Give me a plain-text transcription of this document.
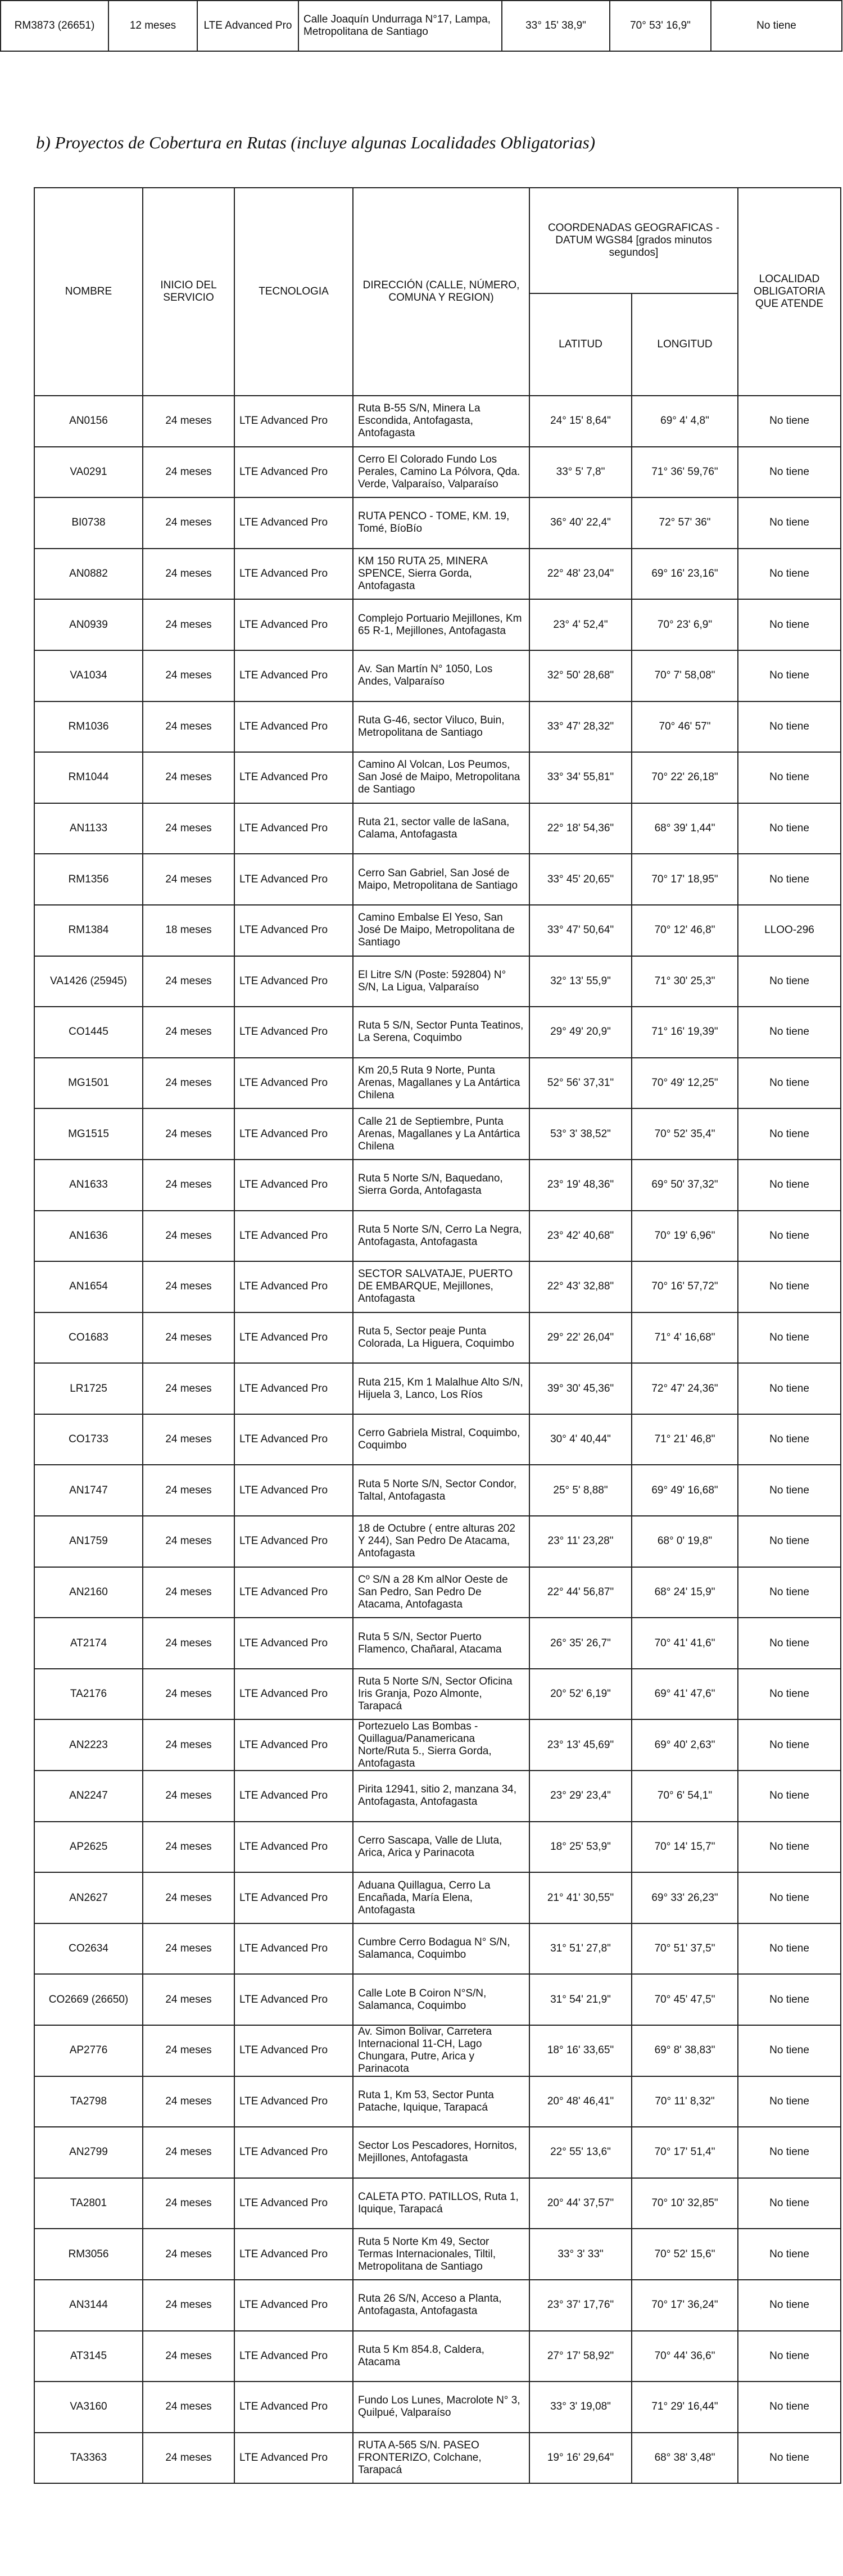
RM3873 (26651)	12 meses	LTE Advanced Pro	Calle Joaquín Undurraga N°17, Lampa, Metropolitana de Santiago	33° 15' 38,9"	70° 53' 16,9"	No tiene
b) Proyectos de Cobertura en Rutas (incluye algunas Localidades Obligatorias)
NOMBRE	INICIO DEL SERVICIO	TECNOLOGIA	DIRECCIÓN (CALLE, NÚMERO, COMUNA Y REGION)	COORDENADAS GEOGRAFICAS - DATUM WGS84 [grados minutos segundos]		LOCALIDAD OBLIGATORIA QUE ATENDE
				LATITUD	LONGITUD	
AN0156	24 meses	LTE Advanced Pro	Ruta B-55 S/N, Minera La Escondida, Antofagasta, Antofagasta	24° 15' 8,64"	69° 4' 4,8"	No tiene
VA0291	24 meses	LTE Advanced Pro	Cerro El Colorado Fundo Los Perales, Camino La Pólvora, Qda. Verde, Valparaíso, Valparaíso	33° 5' 7,8"	71° 36' 59,76"	No tiene
BI0738	24 meses	LTE Advanced Pro	RUTA PENCO - TOME, KM. 19, Tomé, BíoBío	36° 40' 22,4"	72° 57' 36"	No tiene
AN0882	24 meses	LTE Advanced Pro	KM 150 RUTA 25, MINERA SPENCE, Sierra Gorda, Antofagasta	22° 48' 23,04"	69° 16' 23,16"	No tiene
AN0939	24 meses	LTE Advanced Pro	Complejo Portuario Mejillones, Km 65 R-1, Mejillones, Antofagasta	23° 4' 52,4"	70° 23' 6,9"	No tiene
VA1034	24 meses	LTE Advanced Pro	Av. San Martín N° 1050, Los Andes, Valparaíso	32° 50' 28,68"	70° 7' 58,08"	No tiene
RM1036	24 meses	LTE Advanced Pro	Ruta G-46, sector Viluco, Buin, Metropolitana de Santiago	33° 47' 28,32"	70° 46' 57"	No tiene
RM1044	24 meses	LTE Advanced Pro	Camino Al Volcan, Los Peumos, San José de Maipo, Metropolitana de Santiago	33° 34' 55,81"	70° 22' 26,18"	No tiene
AN1133	24 meses	LTE Advanced Pro	Ruta 21, sector valle de laSana, Calama, Antofagasta	22° 18' 54,36"	68° 39' 1,44"	No tiene
RM1356	24 meses	LTE Advanced Pro	Cerro San Gabriel, San José de Maipo, Metropolitana de Santiago	33° 45' 20,65"	70° 17' 18,95"	No tiene
RM1384	18 meses	LTE Advanced Pro	Camino Embalse El Yeso, San José De Maipo, Metropolitana de Santiago	33° 47' 50,64"	70° 12' 46,8"	LLOO-296
VA1426 (25945)	24 meses	LTE Advanced Pro	El Litre S/N (Poste: 592804) N° S/N, La Ligua, Valparaíso	32° 13' 55,9"	71° 30' 25,3"	No tiene
CO1445	24 meses	LTE Advanced Pro	Ruta 5 S/N, Sector Punta Teatinos, La Serena, Coquimbo	29° 49' 20,9"	71° 16' 19,39"	No tiene
MG1501	24 meses	LTE Advanced Pro	Km 20,5 Ruta 9 Norte, Punta Arenas, Magallanes y La Antártica Chilena	52° 56' 37,31"	70° 49' 12,25"	No tiene
MG1515	24 meses	LTE Advanced Pro	Calle 21 de Septiembre, Punta Arenas, Magallanes y La Antártica Chilena	53° 3' 38,52"	70° 52' 35,4"	No tiene
AN1633	24 meses	LTE Advanced Pro	Ruta 5 Norte S/N, Baquedano, Sierra Gorda, Antofagasta	23° 19' 48,36"	69° 50' 37,32"	No tiene
AN1636	24 meses	LTE Advanced Pro	Ruta 5 Norte S/N, Cerro La Negra, Antofagasta, Antofagasta	23° 42' 40,68"	70° 19' 6,96"	No tiene
AN1654	24 meses	LTE Advanced Pro	SECTOR SALVATAJE, PUERTO DE EMBARQUE, Mejillones, Antofagasta	22° 43' 32,88"	70° 16' 57,72"	No tiene
CO1683	24 meses	LTE Advanced Pro	Ruta 5, Sector peaje Punta Colorada, La Higuera, Coquimbo	29° 22' 26,04"	71° 4' 16,68"	No tiene
LR1725	24 meses	LTE Advanced Pro	Ruta 215, Km 1 Malalhue Alto S/N, Hijuela 3, Lanco, Los Ríos	39° 30' 45,36"	72° 47' 24,36"	No tiene
CO1733	24 meses	LTE Advanced Pro	Cerro Gabriela Mistral, Coquimbo, Coquimbo	30° 4' 40,44"	71° 21' 46,8"	No tiene
AN1747	24 meses	LTE Advanced Pro	Ruta 5 Norte S/N, Sector Condor, Taltal, Antofagasta	25° 5' 8,88"	69° 49' 16,68"	No tiene
AN1759	24 meses	LTE Advanced Pro	18 de Octubre ( entre alturas 202 Y 244), San Pedro De Atacama, Antofagasta	23° 11' 23,28"	68° 0' 19,8"	No tiene
AN2160	24 meses	LTE Advanced Pro	Cº S/N a 28 Km alNor Oeste de San Pedro, San Pedro De Atacama, Antofagasta	22° 44' 56,87"	68° 24' 15,9"	No tiene
AT2174	24 meses	LTE Advanced Pro	Ruta 5 S/N, Sector Puerto Flamenco, Chañaral, Atacama	26° 35' 26,7"	70° 41' 41,6"	No tiene
TA2176	24 meses	LTE Advanced Pro	Ruta 5 Norte S/N, Sector Oficina Iris Granja, Pozo Almonte, Tarapacá	20° 52' 6,19"	69° 41' 47,6"	No tiene
AN2223	24 meses	LTE Advanced Pro	Portezuelo Las Bombas - Quillagua/Panamericana Norte/Ruta 5., Sierra Gorda, Antofagasta	23° 13' 45,69"	69° 40' 2,63"	No tiene
AN2247	24 meses	LTE Advanced Pro	Pirita 12941, sitio 2, manzana 34, Antofagasta, Antofagasta	23° 29' 23,4"	70° 6' 54,1"	No tiene
AP2625	24 meses	LTE Advanced Pro	Cerro Sascapa, Valle de Lluta, Arica, Arica y Parinacota	18° 25' 53,9"	70° 14' 15,7"	No tiene
AN2627	24 meses	LTE Advanced Pro	Aduana Quillagua, Cerro La Encañada, María Elena, Antofagasta	21° 41' 30,55"	69° 33' 26,23"	No tiene
CO2634	24 meses	LTE Advanced Pro	Cumbre Cerro Bodagua N° S/N, Salamanca, Coquimbo	31° 51' 27,8"	70° 51' 37,5"	No tiene
CO2669 (26650)	24 meses	LTE Advanced Pro	Calle Lote B Coiron N°S/N, Salamanca, Coquimbo	31° 54' 21,9"	70° 45' 47,5"	No tiene
AP2776	24 meses	LTE Advanced Pro	Av. Simon Bolivar, Carretera Internacional 11-CH, Lago Chungara, Putre, Arica y Parinacota	18° 16' 33,65"	69° 8' 38,83"	No tiene
TA2798	24 meses	LTE Advanced Pro	Ruta 1, Km 53, Sector Punta Patache, Iquique, Tarapacá	20° 48' 46,41"	70° 11' 8,32"	No tiene
AN2799	24 meses	LTE Advanced Pro	Sector Los Pescadores, Hornitos, Mejillones, Antofagasta	22° 55' 13,6"	70° 17' 51,4"	No tiene
TA2801	24 meses	LTE Advanced Pro	CALETA PTO. PATILLOS, Ruta 1, Iquique, Tarapacá	20° 44' 37,57"	70° 10' 32,85"	No tiene
RM3056	24 meses	LTE Advanced Pro	Ruta 5 Norte Km 49, Sector Termas Internacionales, Tiltil, Metropolitana de Santiago	33° 3' 33"	70° 52' 15,6"	No tiene
AN3144	24 meses	LTE Advanced Pro	Ruta 26 S/N, Acceso a Planta, Antofagasta, Antofagasta	23° 37' 17,76"	70° 17' 36,24"	No tiene
AT3145	24 meses	LTE Advanced Pro	Ruta 5 Km 854.8, Caldera, Atacama	27° 17' 58,92"	70° 44' 36,6"	No tiene
VA3160	24 meses	LTE Advanced Pro	Fundo Los Lunes, Macrolote N° 3, Quilpué, Valparaíso	33° 3' 19,08"	71° 29' 16,44"	No tiene
TA3363	24 meses	LTE Advanced Pro	RUTA A-565 S/N. PASEO FRONTERIZO, Colchane, Tarapacá	19° 16' 29,64"	68° 38' 3,48"	No tiene
